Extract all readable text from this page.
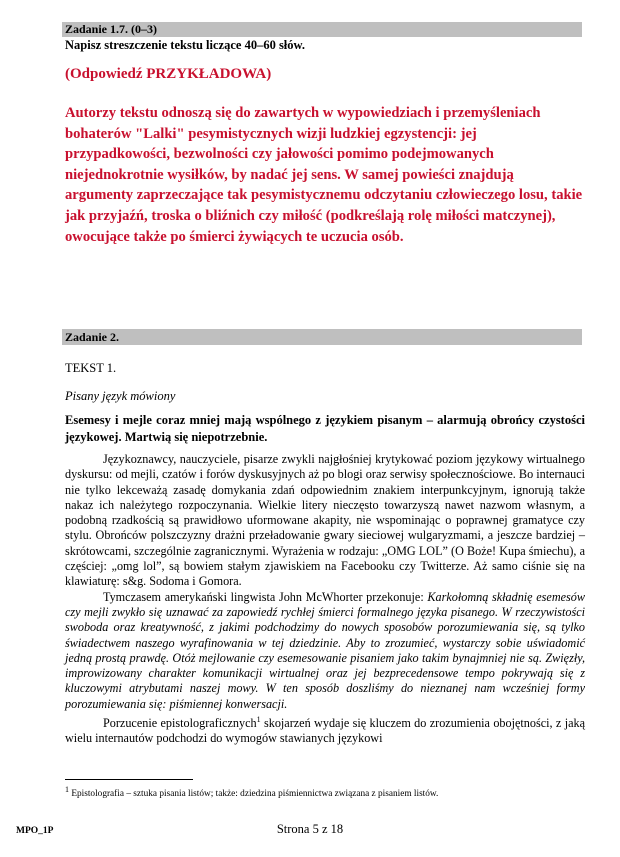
Zadanie 1.7. (0–3)
Napisz streszczenie tekstu liczące 40–60 słów.
(Odpowiedź PRZYKŁADOWA)

Autorzy tekstu odnoszą się do zawartych w wypowiedziach i przemyśleniach bohaterów "Lalki" pesymistycznych wizji ludzkiej egzystencji: jej przypadkowości, bezwolności czy jałowości pomimo podejmowanych niejednokrotnie wysiłków, by nadać jej sens. W samej powieści znajdują argumenty zaprzeczające tak pesymistycznemu odczytaniu człowieczego losu, takie jak przyjaźń, troska o bliźnich czy miłość (podkreślają rolę miłości matczynej), owocujące także po śmierci żywiących te uczucia osób.

Zadanie 2.
TEKST 1.
Pisany język mówiony

Esemesy i mejle coraz mniej mają wspólnego z językiem pisanym – alarmują obrońcy czystości językowej. Martwią się niepotrzebnie.

Językoznawcy, nauczyciele, pisarze zwykli najgłośniej krytykować poziom językowy wirtualnego dyskursu: od mejli, czatów i forów dyskusyjnych aż po blogi oraz serwisy społecznościowe. Bo internauci nie tylko lekceważą zasadę domykania zdań odpowiednim znakiem interpunkcyjnym, ignorują także nakaz ich należytego rozpoczynania. Wielkie litery nieczęsto towarzyszą nawet nazwom własnym, a podobną rzadkością są prawidłowo uformowane akapity, nie wspominając o poprawnej gramatyce czy stylu. Obrońców polszczyzny drażni przeładowanie gwary sieciowej wulgaryzmami, a jeszcze bardziej – skrótowcami, szczególnie zagranicznymi. Wyrażenia w rodzaju: „OMG LOL” (O Boże! Kupa śmiechu), a częściej: „omg lol”, są bowiem stałym zjawiskiem na Facebooku czy Twitterze. Aż samo ciśnie się na klawiaturę: s&g. Sodoma i Gomora.

Tymczasem amerykański lingwista John McWhorter przekonuje: Karkołomną składnię esemesów czy mejli zwykło się uznawać za zapowiedź rychłej śmierci formalnego języka pisanego. W rzeczywistości swoboda oraz kreatywność, z jakimi podchodzimy do nowych sposobów porozumiewania się, są tylko świadectwem naszego wyrafinowania w tej dziedzinie. Aby to zrozumieć, wystarczy sobie uświadomić jedną prostą prawdę. Otóż mejlowanie czy esemesowanie pisaniem jako takim bynajmniej nie są. Zwięzły, improwizowany charakter komunikacji wirtualnej oraz jej bezprecedensowe tempo pokrywają się z kluczowymi atrybutami naszej mowy. W ten sposób doszliśmy do nieznanej nam wcześniej formy porozumiewania się: piśmiennej konwersacji.

Porzucenie epistolograficznych$^1$ skojarzeń wydaje się kluczem do zrozumienia obojętności, z jaką wielu internautów podchodzi do wymogów stawianych językowi

1 Epistolografia – sztuka pisania listów; także: dziedzina piśmiennictwa związana z pisaniem listów.
MPO_1P	Strona 5 z 18
